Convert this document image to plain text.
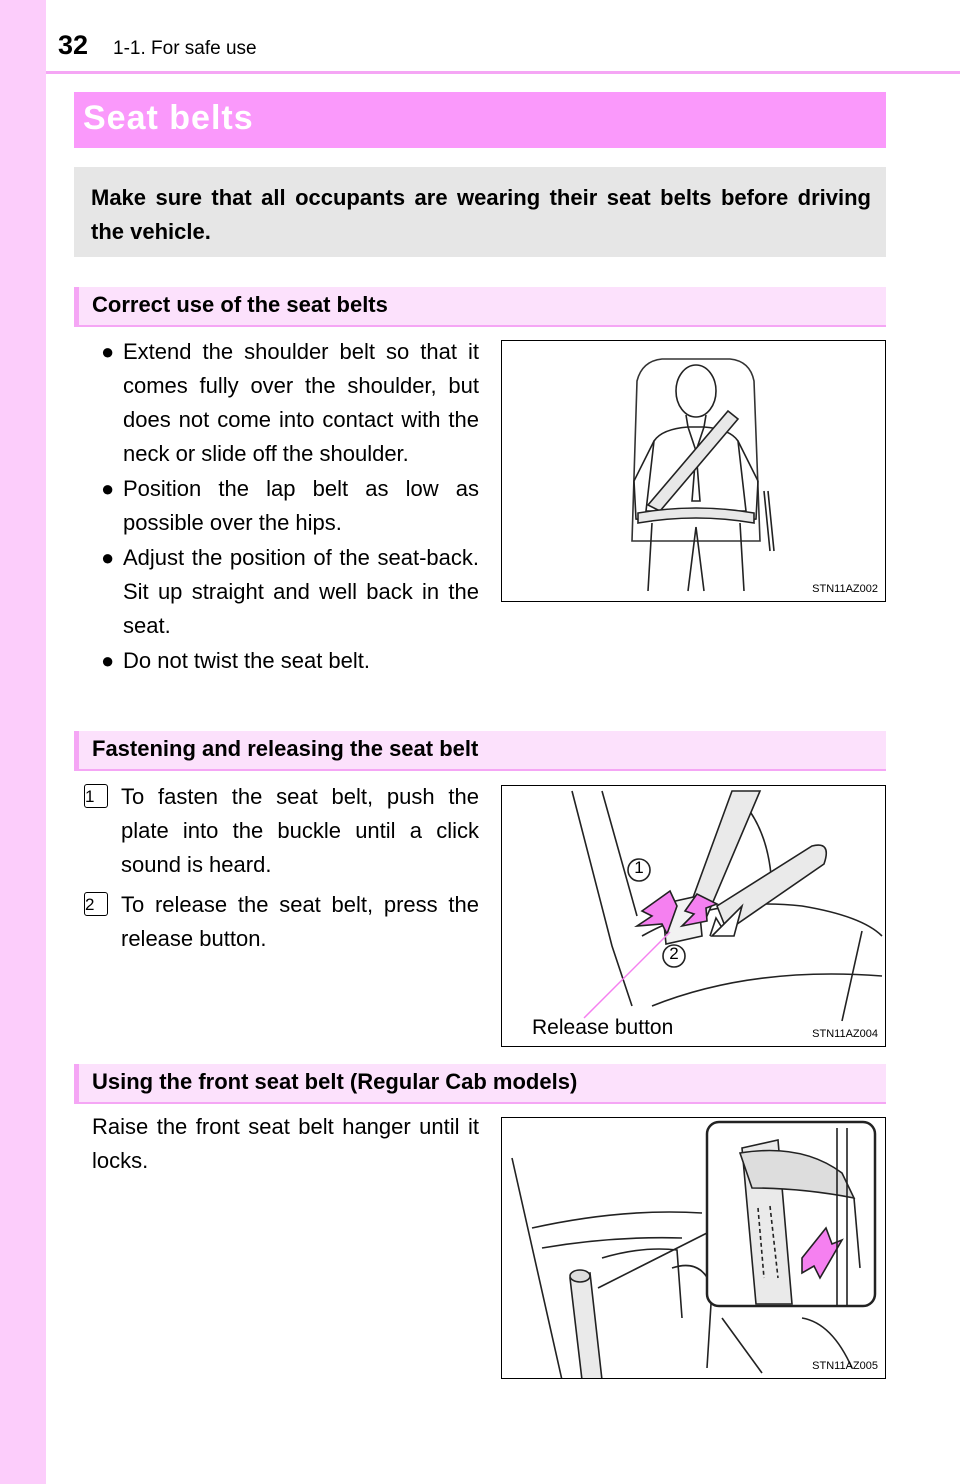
32 1-1. For safe use
Seat belts

Make sure that all occupants are wearing their seat belts before driving the vehicle.

Correct use of the seat belts
● Extend the shoulder belt so that it comes fully over the shoulder, but does not come into contact with the neck or slide off the shoulder.
● Position the lap belt as low as possible over the hips.
● Adjust the position of the seat-back. Sit up straight and well back in the seat.
● Do not twist the seat belt.
STN11AZ002
Fastening and releasing the seat belt
1	To fasten the seat belt, push the plate into the buckle until a click sound is heard.
2	To release the seat belt, press the release button.
1
2
Release button	STN11AZ004
Using the front seat belt (Regular Cab models)

Raise the front seat belt hanger until it locks.

STN11AZ005
